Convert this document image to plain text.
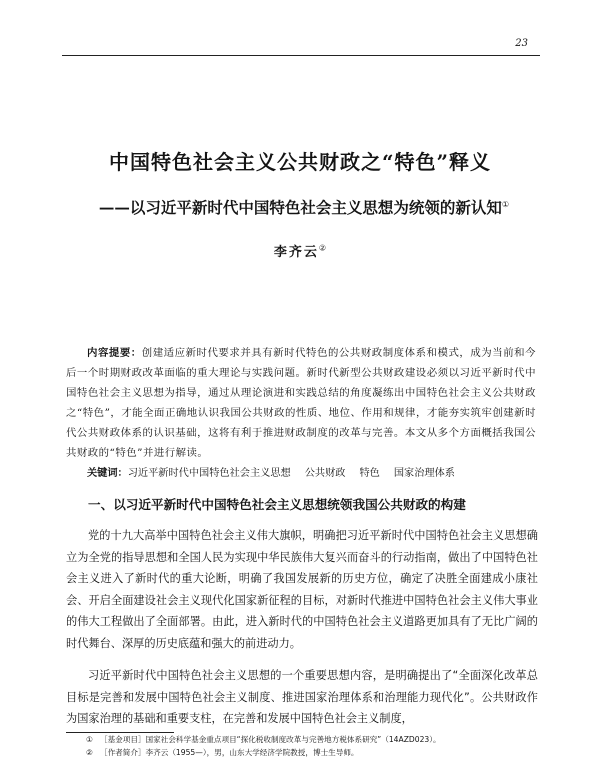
23
中国特色社会主义公共财政之“特色”释义
——以习近平新时代中国特色社会主义思想为统领的新认知①
李齐云②

内容提要：创建适应新时代要求并具有新时代特色的公共财政制度体系和模式，成为当前和今后一个时期财政改革面临的重大理论与实践问题。新时代新型公共财政建设必须以习近平新时代中国特色社会主义思想为指导，通过从理论演进和实践总结的角度凝练出中国特色社会主义公共财政之“特色”，才能全面正确地认识我国公共财政的性质、地位、作用和规律，才能夯实筑牢创建新时代公共财政体系的认识基础，这将有利于推进财政制度的改革与完善。本文从多个方面概括我国公共财政的“特色”并进行解读。

关键词：习近平新时代中国特色社会主义思想 公共财政 特色 国家治理体系

一、以习近平新时代中国特色社会主义思想统领我国公共财政的构建

党的十九大高举中国特色社会主义伟大旗帜，明确把习近平新时代中国特色社会主义思想确立为全党的指导思想和全国人民为实现中华民族伟大复兴而奋斗的行动指南，做出了中国特色社会主义进入了新时代的重大论断，明确了我国发展新的历史方位，确定了决胜全面建成小康社会、开启全面建设社会主义现代化国家新征程的目标，对新时代推进中国特色社会主义伟大事业的伟大工程做出了全面部署。由此，进入新时代的中国特色社会主义道路更加具有了无比广阔的时代舞台、深厚的历史底蕴和强大的前进动力。

习近平新时代中国特色社会主义思想的一个重要思想内容，是明确提出了“全面深化改革总目标是完善和发展中国特色社会主义制度、推进国家治理体系和治理能力现代化”。公共财政作为国家治理的基础和重要支柱，在完善和发展中国特色社会主义制度，

① ［基金项目］国家社会科学基金重点项目“探化税收制度改革与完善地方税体系研究”（14AZD023）。
② ［作者简介］李齐云（1955—），男，山东大学经济学院教授，博士生导师。
